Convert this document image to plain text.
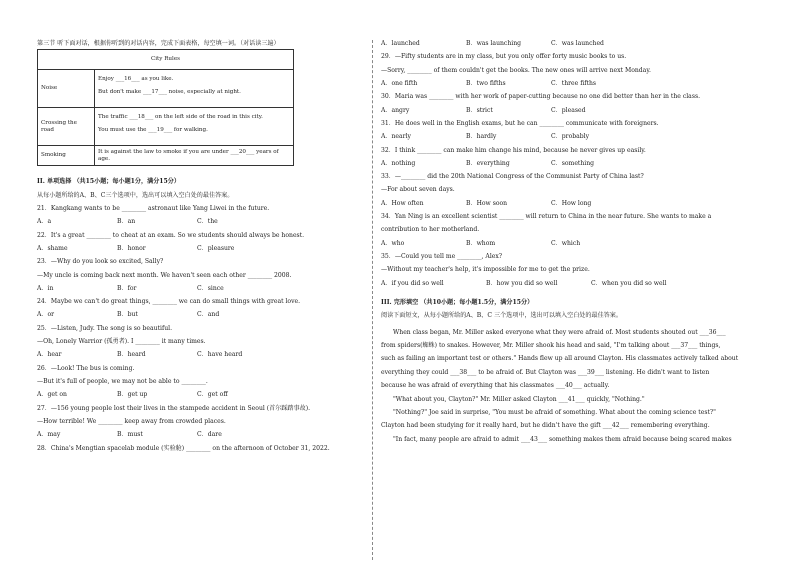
第三节 听下面对话，根据你听到的对话内容，完成下面表格，每空填一词。（对话读三遍）
City Rules	
Noise	Enjoy ___16___ as you like.
But don't make ___17___ noise, especially at night.

Crossing the road	The traffic ___18___ on the left side of the road in this city.
You must use the ___19___ for walking.

Smoking	It is against the law to smoke if you are under ___20___ years of age.
II. 单项选择 （共15小题；每小题1分，满分15分）
从每小题所给的A、B、C三个选项中，选出可以填入空白处的最佳答案。
21．Kangkang wants to be ________ astronaut like Yang Liwei in the future.
A．a	B．an	C．the
22．It's a great ________ to cheat at an exam. So we students should always be honest.
A．shame	B．honor	C．pleasure
23．—Why do you look so excited, Sally?
—My uncle is coming back next month. We haven't seen each other ________ 2008.
A．in	B．for	C．since
24．Maybe we can't do great things, ________ we can do small things with great love.
A．or	B．but	C．and
25．—Listen, Judy. The song is so beautiful.
—Oh, Lonely Warrior (孤勇者). I ________ it many times.
A．hear	B．heard	C．have heard
26．—Look! The bus is coming.
—But it's full of people, we may not be able to ________.
A．get on	B．get up	C．get off
27．—156 young people lost their lives in the stampede accident in Seoul (首尔踩踏事故).
—How terrible! We ________ keep away from crowded places.
A．may	B．must	C．dare
28．China's Mengtian spacelab module (实验舱) ________ on the afternoon of October 31, 2022.
A．launched	B．was launching	C．was launched
29．—Fifty students are in my class, but you only offer forty music books to us.
—Sorry, ________ of them couldn't get the books. The new ones will arrive next Monday.
A．one fifth	B．two fifths	C．three fifths
30．Maria was ________ with her work of paper-cutting because no one did better than her in the class.
A．angry	B．strict	C．pleased
31．He does well in the English exams, but he can ________ communicate with foreigners.
A．nearly	B．hardly	C．probably
32．I think ________ can make him change his mind, because he never gives up easily.
A．nothing	B．everything	C．something
33．—________ did the 20th National Congress of the Communist Party of China last?
—For about seven days.
A．How often	B．How soon	C．How long
34．Yan Ning is an excellent scientist ________ will return to China in the near future. She wants to make a
contribution to her motherland.
A．who	B．whom	C．which
35．—Could you tell me ________, Alex?
—Without my teacher's help, it's impossible for me to get the prize.
A．if you did so well	B．how you did so well	C．when you did so well
III. 完形填空 （共10小题；每小题1.5分，满分15分）
阅读下面短文，从每小题所给的A、B、C 三个选项中，选出可以填入空白处的最佳答案。
When class began, Mr. Miller asked everyone what they were afraid of. Most students shouted out ___36___
from spiders(蜘蛛) to snakes. However, Mr. Miller shook his head and said, "I'm talking about ___37___ things,
such as failing an important test or others." Hands flew up all around Clayton. His classmates actively talked about
everything they could ___38___ to be afraid of. But Clayton was ___39___ listening. He didn't want to listen
because he was afraid of everything that his classmates ___40___ actually.
"What about you, Clayton?" Mr. Miller asked Clayton ___41___ quickly, "Nothing."
"Nothing?" Joe said in surprise, "You must be afraid of something. What about the coming science test?"
Clayton had been studying for it really hard, but he didn't have the gift ___42___ remembering everything.
"In fact, many people are afraid to admit ___43___ something makes them afraid because being scared makes
